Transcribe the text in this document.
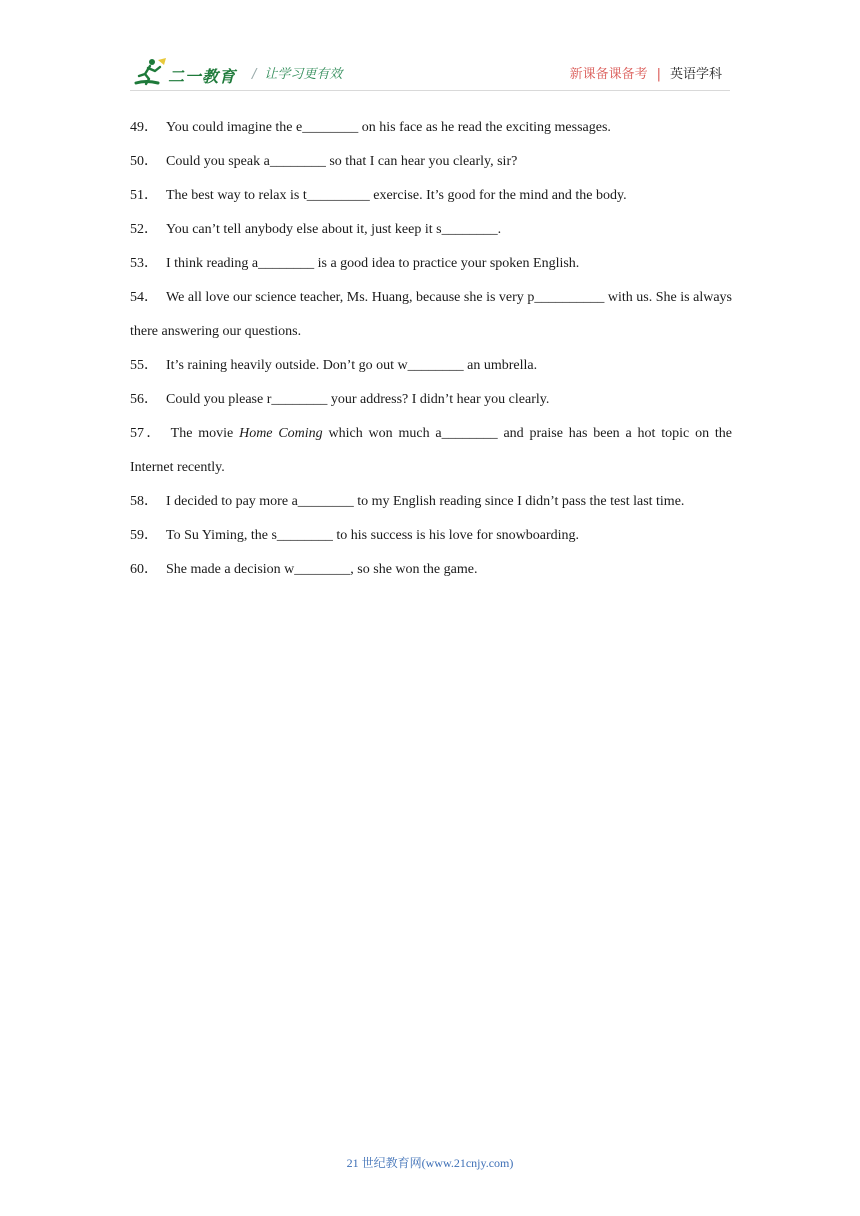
二一教育 / 让学习更有效	新课备课备考 | 英语学科

49． You could imagine the e________ on his face as he read the exciting messages.

50． Could you speak a________ so that I can hear you clearly, sir?

51． The best way to relax is t_________ exercise. It’s good for the mind and the body.

52． You can’t tell anybody else about it, just keep it s________.

53． I think reading a________ is a good idea to practice your spoken English.

54． We all love our science teacher, Ms. Huang, because she is very p__________ with us. She is always there answering our questions.

55． It’s raining heavily outside. Don’t go out w________ an umbrella.

56． Could you please r________ your address? I didn’t hear you clearly.

57． The movie Home Coming which won much a________ and praise has been a hot topic on the Internet recently.

58． I decided to pay more a________ to my English reading since I didn’t pass the test last time.

59． To Su Yiming, the s________ to his success is his love for snowboarding.

60． She made a decision w________, so she won the game.

21 世纪教育网(www.21cnjy.com)
